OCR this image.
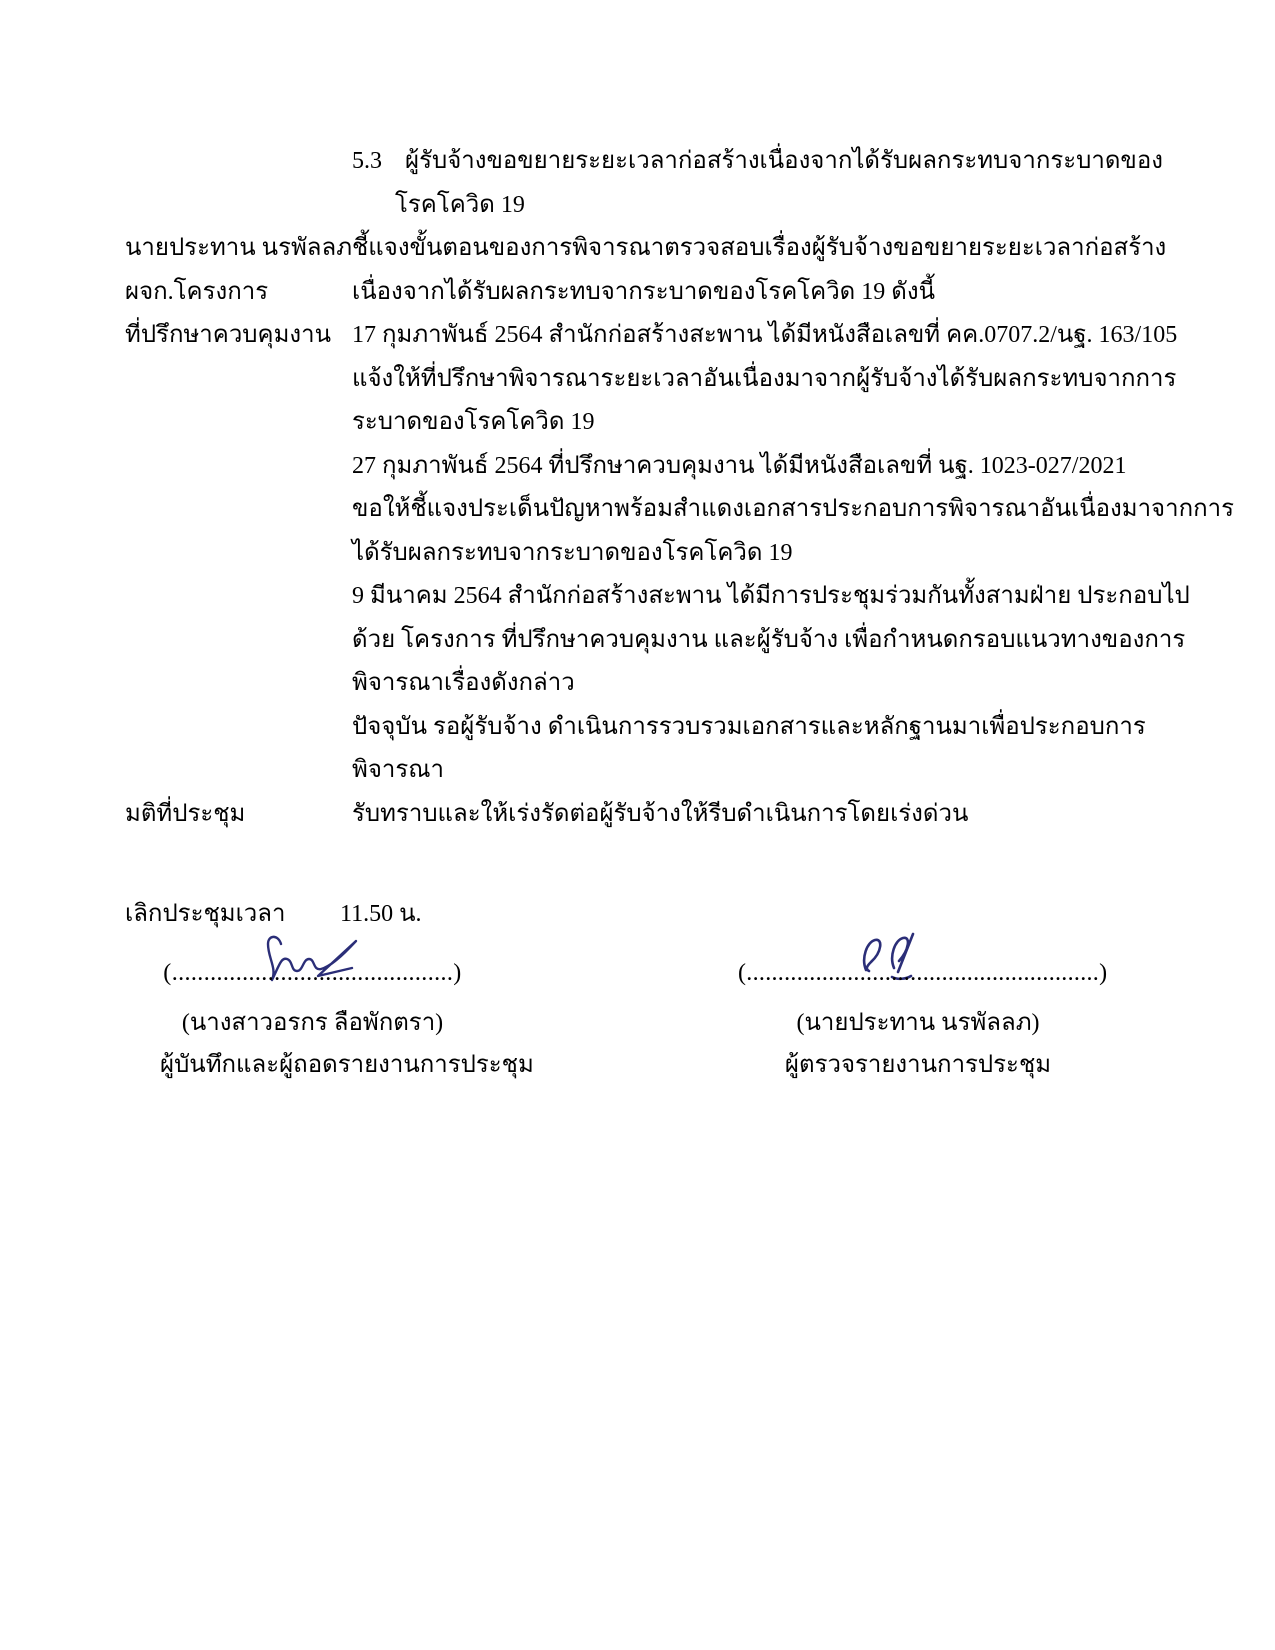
5.3 ผู้รับจ้างขอขยายระยะเวลาก่อสร้างเนื่องจากได้รับผลกระทบจากระบาดของ
โรคโควิด 19
นายประทาน นรพัลลภ ชี้แจงขั้นตอนของการพิจารณาตรวจสอบเรื่องผู้รับจ้างขอขยายระยะเวลาก่อสร้าง
ผจก.โครงการ	เนื่องจากได้รับผลกระทบจากระบาดของโรคโควิด 19 ดังนี้
ที่ปรึกษาควบคุมงาน 17 กุมภาพันธ์ 2564 สำนักก่อสร้างสะพาน ได้มีหนังสือเลขที่ คค.0707.2/นฐ. 163/105
แจ้งให้ที่ปรึกษาพิจารณาระยะเวลาอันเนื่องมาจากผู้รับจ้างได้รับผลกระทบจากการ
ระบาดของโรคโควิด 19
27 กุมภาพันธ์ 2564 ที่ปรึกษาควบคุมงาน ได้มีหนังสือเลขที่ นฐ. 1023-027/2021
ขอให้ชี้แจงประเด็นปัญหาพร้อมสำแดงเอกสารประกอบการพิจารณาอันเนื่องมาจากการ
ได้รับผลกระทบจากระบาดของโรคโควิด 19
9 มีนาคม 2564 สำนักก่อสร้างสะพาน ได้มีการประชุมร่วมกันทั้งสามฝ่าย ประกอบไป
ด้วย โครงการ ที่ปรึกษาควบคุมงาน และผู้รับจ้าง เพื่อกำหนดกรอบแนวทางของการ
พิจารณาเรื่องดังกล่าว
ปัจจุบัน รอผู้รับจ้าง ดำเนินการรวบรวมเอกสารและหลักฐานมาเพื่อประกอบการ
พิจารณา
มติที่ประชุม	รับทราบและให้เร่งรัดต่อผู้รับจ้างให้รีบดำเนินการโดยเร่งด่วน
เลิกประชุมเวลา 11.50 น.
(............................................)
(นางสาวอรกร ลือพักตรา)
ผู้บันทึกและผู้ถอดรายงานการประชุม
(........................................................)
(นายประทาน นรพัลลภ)
ผู้ตรวจรายงานการประชุม
